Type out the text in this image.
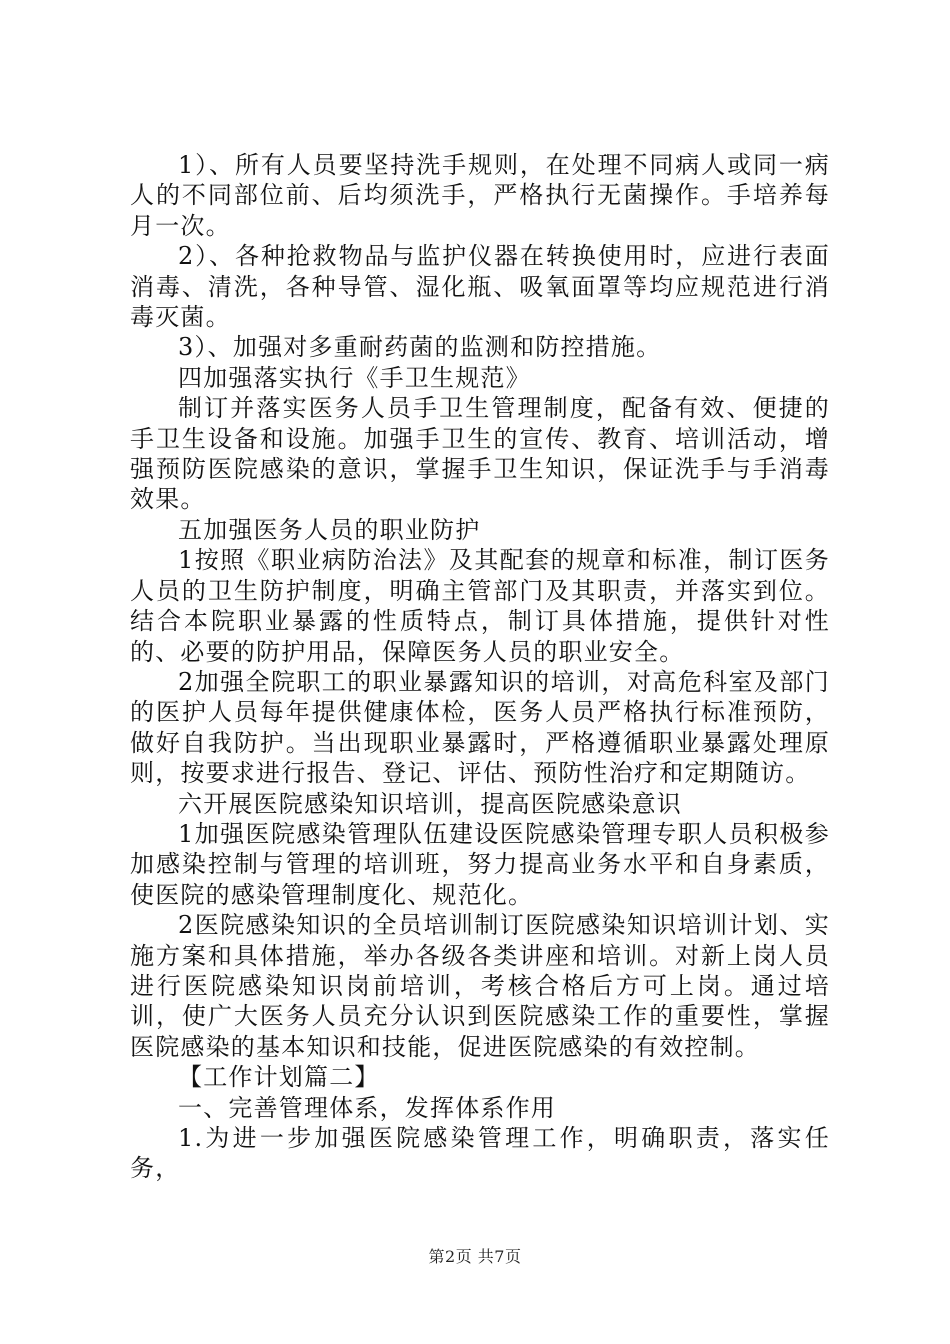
1）、所有人员要坚持洗手规则，在处理不同病人或同一病人的不同部位前、后均须洗手，严格执行无菌操作。手培养每月一次。

2）、各种抢救物品与监护仪器在转换使用时，应进行表面消毒、清洗，各种导管、湿化瓶、吸氧面罩等均应规范进行消毒灭菌。

3）、加强对多重耐药菌的监测和防控措施。

四加强落实执行《手卫生规范》

制订并落实医务人员手卫生管理制度，配备有效、便捷的手卫生设备和设施。加强手卫生的宣传、教育、培训活动，增强预防医院感染的意识，掌握手卫生知识，保证洗手与手消毒效果。

五加强医务人员的职业防护

1按照《职业病防治法》及其配套的规章和标准，制订医务人员的卫生防护制度，明确主管部门及其职责，并落实到位。结合本院职业暴露的性质特点，制订具体措施，提供针对性的、必要的防护用品，保障医务人员的职业安全。

2加强全院职工的职业暴露知识的培训，对高危科室及部门的医护人员每年提供健康体检，医务人员严格执行标准预防，做好自我防护。当出现职业暴露时，严格遵循职业暴露处理原则，按要求进行报告、登记、评估、预防性治疗和定期随访。

六开展医院感染知识培训，提高医院感染意识

1加强医院感染管理队伍建设医院感染管理专职人员积极参加感染控制与管理的培训班，努力提高业务水平和自身素质，使医院的感染管理制度化、规范化。

2医院感染知识的全员培训制订医院感染知识培训计划、实施方案和具体措施，举办各级各类讲座和培训。对新上岗人员进行医院感染知识岗前培训，考核合格后方可上岗。通过培训，使广大医务人员充分认识到医院感染工作的重要性，掌握医院感染的基本知识和技能，促进医院感染的有效控制。

【工作计划篇二】

一、完善管理体系，发挥体系作用

1.为进一步加强医院感染管理工作，明确职责，落实任务，

第2页 共7页
